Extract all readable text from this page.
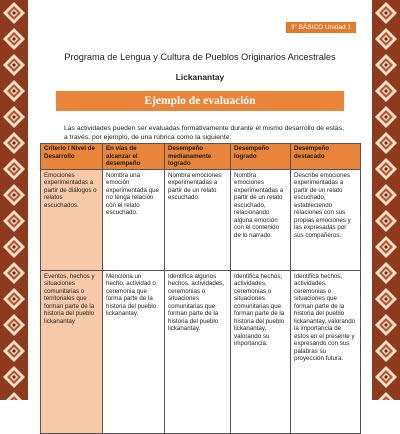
3° BÁSICO Unidad 1
Programa de Lengua y Cultura de Pueblos Originarios Ancestrales
Lickanantay
Ejemplo de evaluación
Las actividades pueden ser evaluadas formativamente durante el mismo desarrollo de estas, a través, por ejemplo, de una rúbrica como la siguiente:
Criterio / Nivel de Desarrollo	En vías de alcanzar el desempeño	Desempeño medianamente logrado	Desempeño logrado	Desempeño destacado
Emociones experimentadas a partir de diálogos o relatos escuchados.	Nombra una emoción experimentada que no tenga relación con el relato escuchado.	Nombra emociones experimentadas a partir de un relato escuchado.	Nombra emociones experimentadas a partir de un relato escuchado, relacionando alguna emoción con el contenido de lo narrado.	Describe emociones experimentadas a partir de un relato escuchado, estableciendo relaciones con sus propias emociones y las expresadas por sus compañeros.
Eventos, hechos y situaciones comunitarias o territoriales que forman parte de la historia del pueblo lickanantay	Menciona un hecho, actividad o ceremonia que forma parte de la historia del pueblo lickanantay.	Identifica algunos hechos, actividades, ceremonias o situaciones comunitarias que forman parte de la historia del pueblo lickanantay.	Identifica hechos, actividades, ceremonias o situaciones comunitarias que forman parte de la historia del pueblo lickanantay, valorando su importancia.	Identifica hechos, actividades, ceremonias o situaciones que forman parte de la historia del pueblo lickanantay, valorando la importancia de estos en el presente y expresando con sus palabras su proyección futura.
